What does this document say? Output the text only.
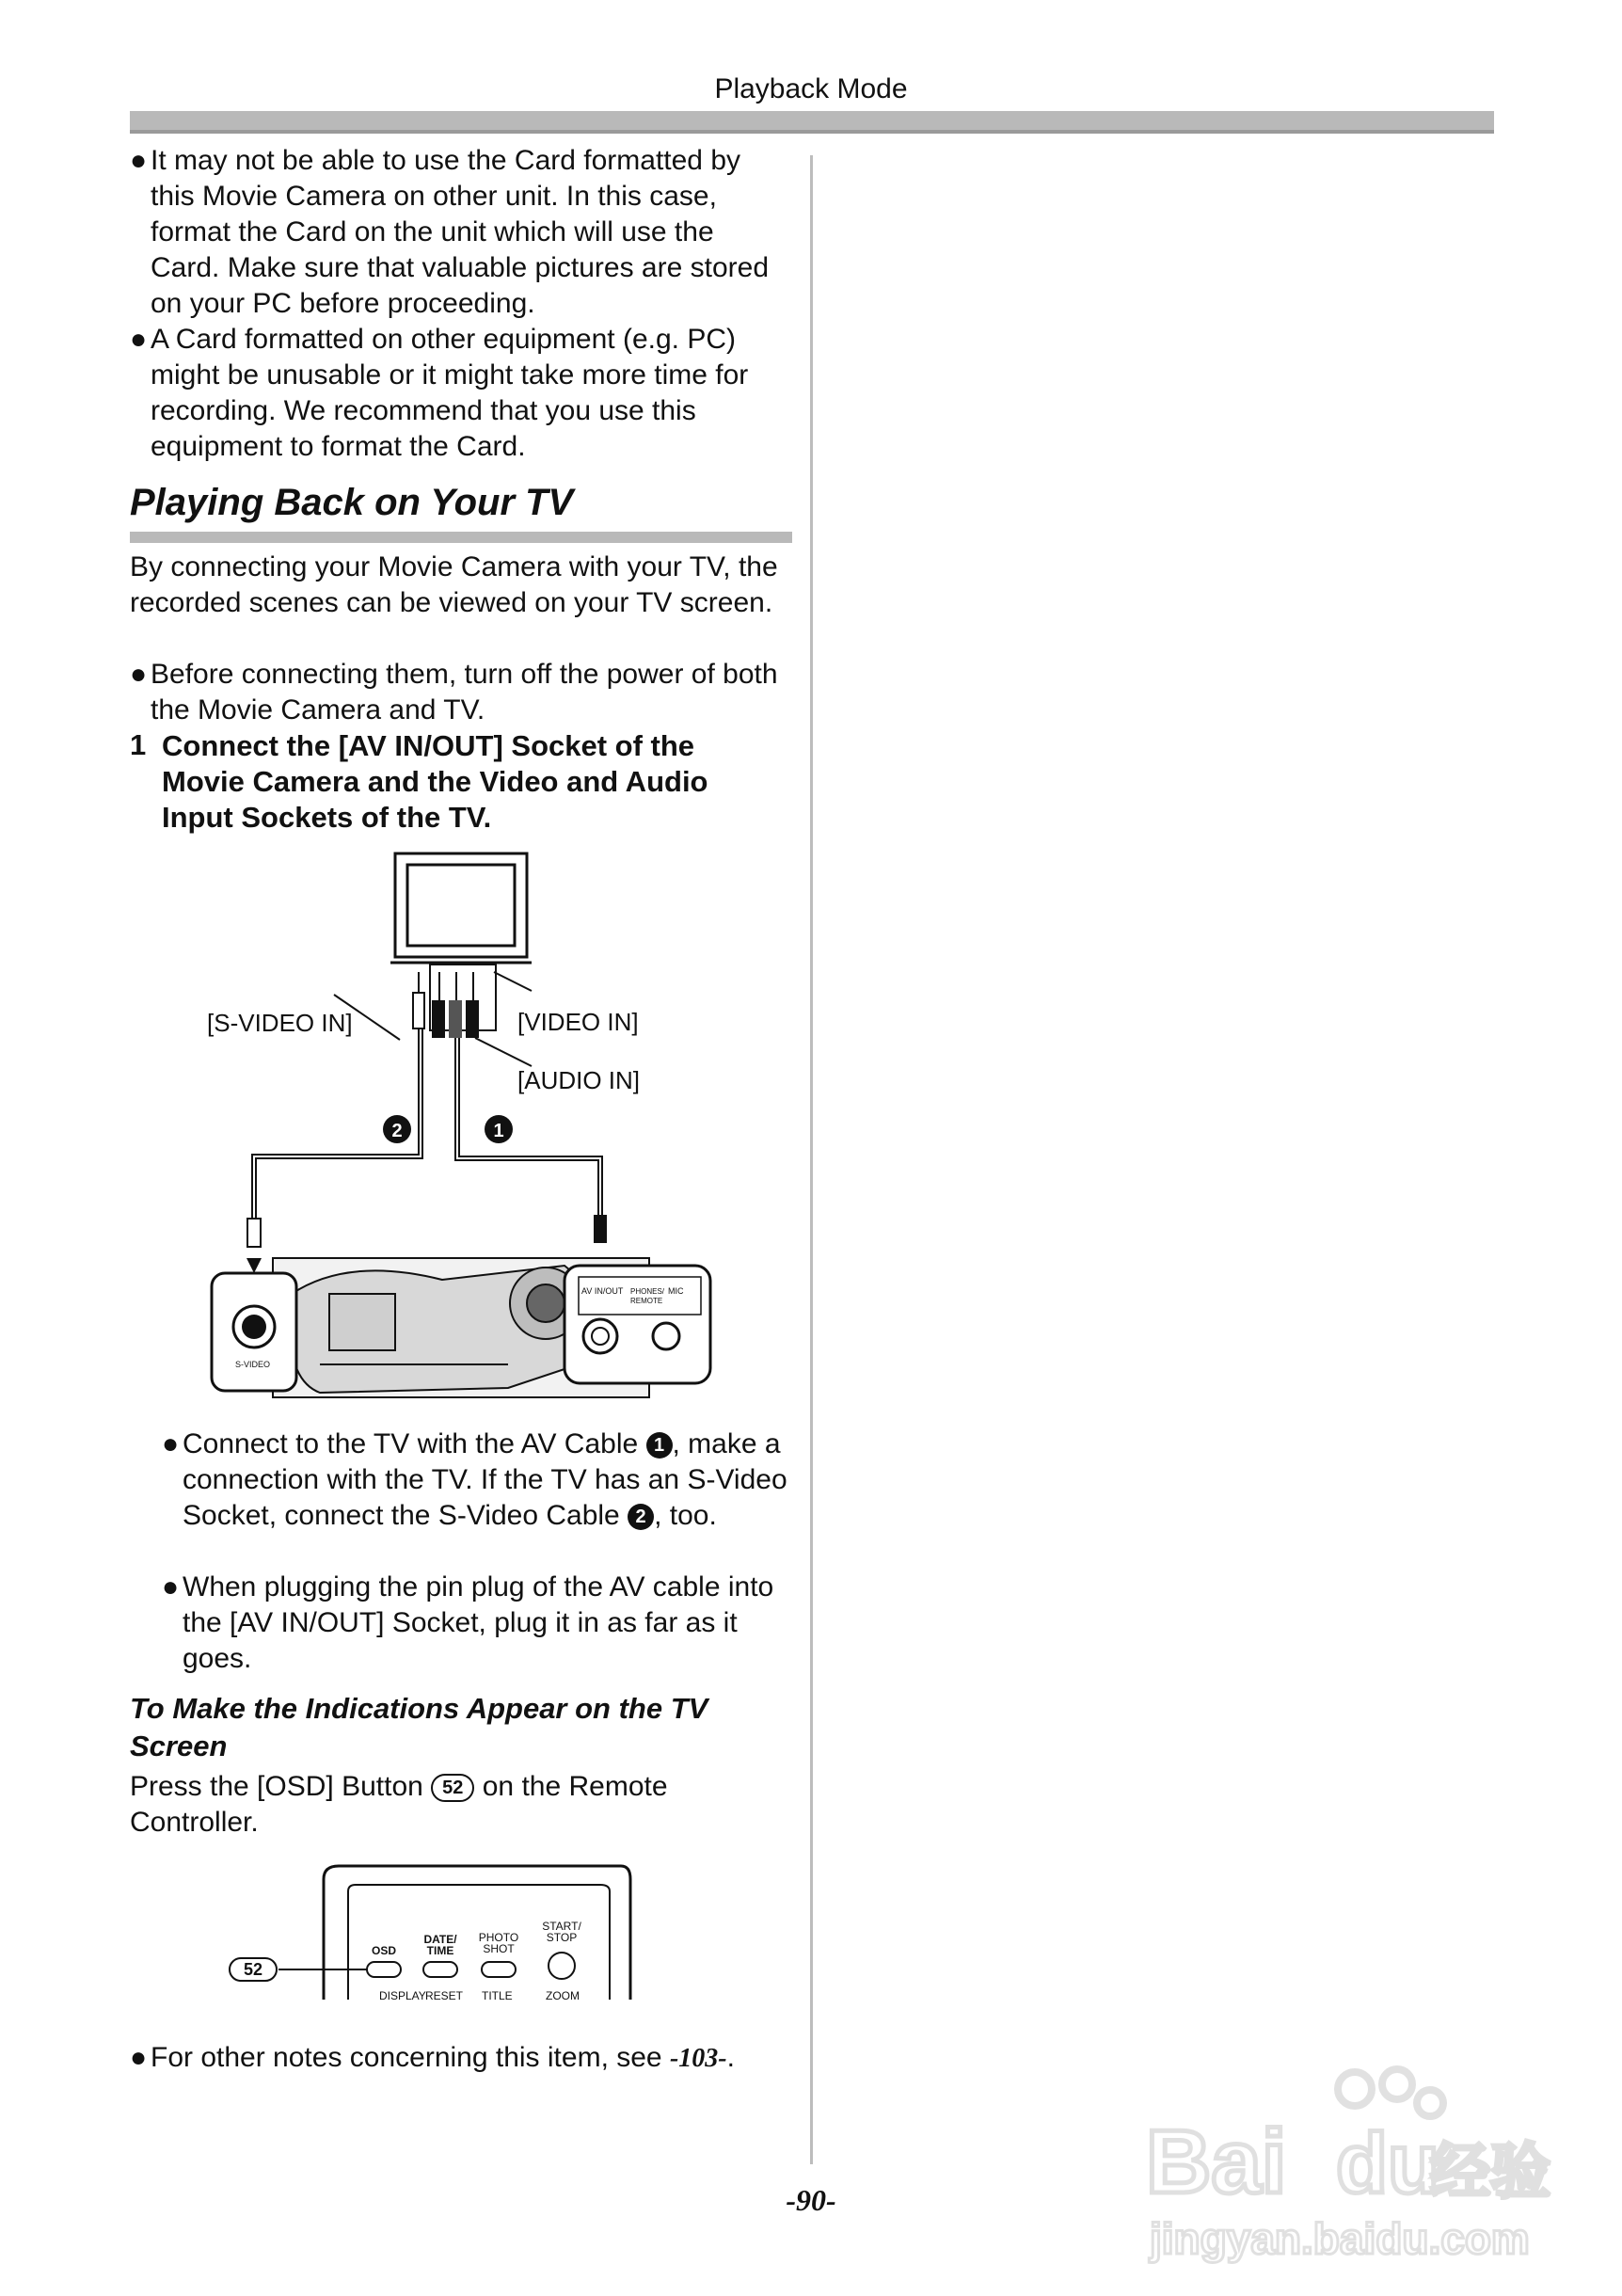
Playback Mode
● It may not be able to use the Card formatted by this Movie Camera on other unit. In this case, format the Card on the unit which will use the Card. Make sure that valuable pictures are stored on your PC before proceeding.
● A Card formatted on other equipment (e.g. PC) might be unusable or it might take more time for recording. We recommend that you use this equipment to format the Card.
Playing Back on Your TV

By connecting your Movie Camera with your TV, the recorded scenes can be viewed on your TV screen.

● Before connecting them, turn off the power of both the Movie Camera and TV.
1 Connect the [AV IN/OUT] Socket of the Movie Camera and the Video and Audio Input Sockets of the TV.
[S-VIDEO IN]	[VIDEO IN]
[AUDIO IN]
2	1
S-VIDEO
AV IN/OUT PHONES/
REMOTE
MIC
● Connect to the TV with the AV Cable 1 , make a connection with the TV. If the TV has an S-Video Socket, connect the S-Video Cable 2 , too.
● When plugging the pin plug of the AV cable into the [AV IN/OUT] Socket, plug it in as far as it goes.
To Make the Indications Appear on the TV Screen
Press the [OSD] Button 52 on the Remote Controller.
52
OSD
DATE/
TIME
PHOTO
SHOT
START/
STOP
DISPLAY RESET TITLE	ZOOM
● For other notes concerning this item, see -103-.
-90-	Bai du
经验
jingyan.baidu.com
